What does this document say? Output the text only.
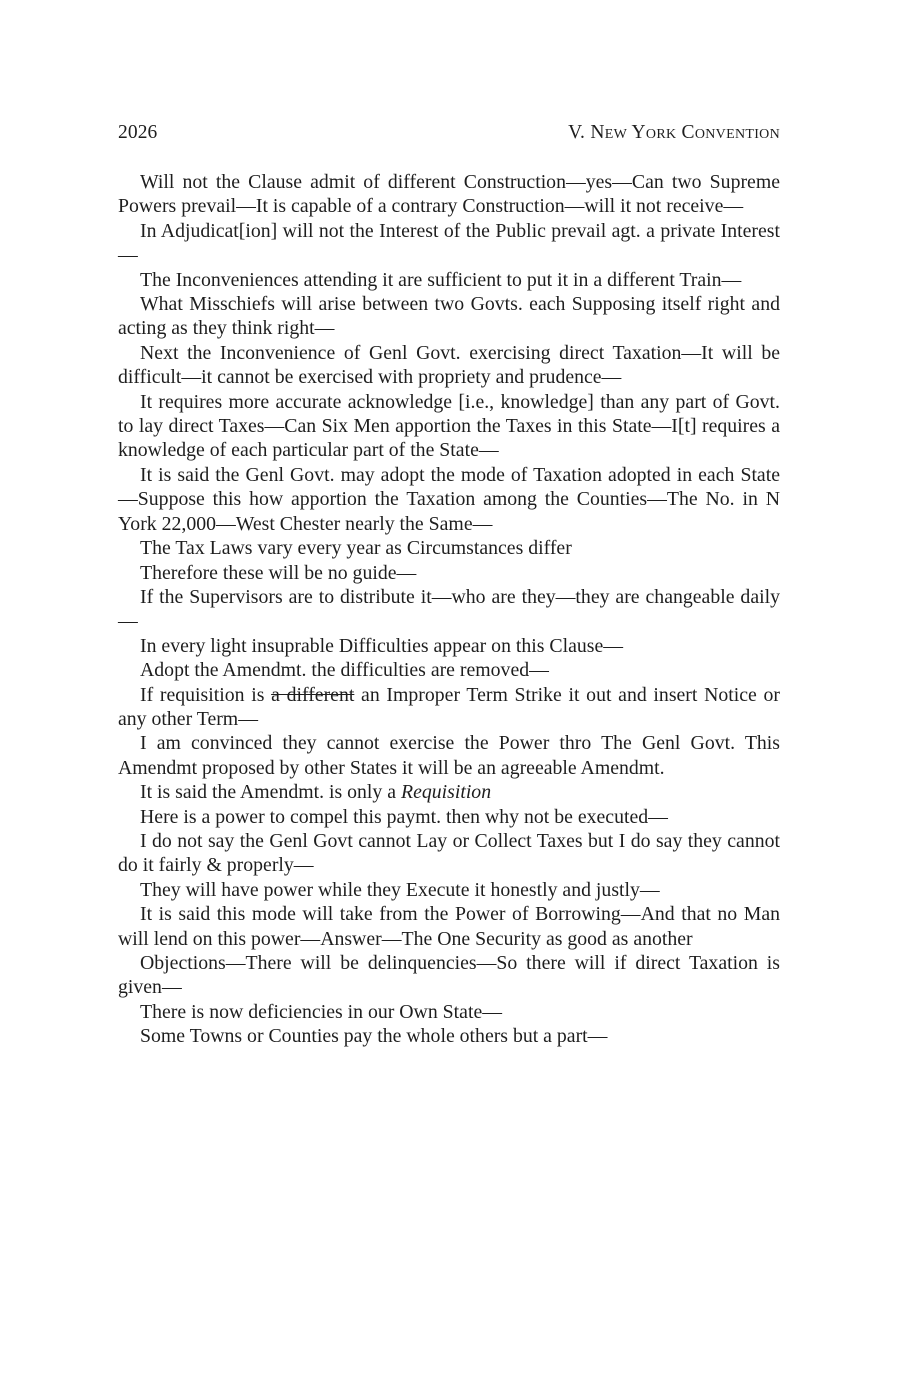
2026	V. New York Convention

Will not the Clause admit of different Construction—yes—Can two Supreme Powers prevail—It is capable of a contrary Construction—will it not receive—

In Adjudicat[ion] will not the Interest of the Public prevail agt. a private Interest—

The Inconveniences attending it are sufficient to put it in a different Train—

What Misschiefs will arise between two Govts. each Supposing itself right and acting as they think right—

Next the Inconvenience of Genl Govt. exercising direct Taxation—It will be difficult—it cannot be exercised with propriety and prudence—

It requires more accurate acknowledge [i.e., knowledge] than any part of Govt. to lay direct Taxes—Can Six Men apportion the Taxes in this State—I[t] requires a knowledge of each particular part of the State—

It is said the Genl Govt. may adopt the mode of Taxation adopted in each State—Suppose this how apportion the Taxation among the Counties—The No. in N York 22,000—West Chester nearly the Same—

The Tax Laws vary every year as Circumstances differ

Therefore these will be no guide—

If the Supervisors are to distribute it—who are they—they are changeable daily—

In every light insuprable Difficulties appear on this Clause—

Adopt the Amendmt. the difficulties are removed—

If requisition is a different an Improper Term Strike it out and insert Notice or any other Term—

I am convinced they cannot exercise the Power thro The Genl Govt. This Amendmt proposed by other States it will be an agreeable Amendmt.

It is said the Amendmt. is only a Requisition

Here is a power to compel this paymt. then why not be executed—

I do not say the Genl Govt cannot Lay or Collect Taxes but I do say they cannot do it fairly & properly—

They will have power while they Execute it honestly and justly—

It is said this mode will take from the Power of Borrowing—And that no Man will lend on this power—Answer—The One Security as good as another

Objections—There will be delinquencies—So there will if direct Taxation is given—

There is now deficiencies in our Own State—

Some Towns or Counties pay the whole others but a part—
